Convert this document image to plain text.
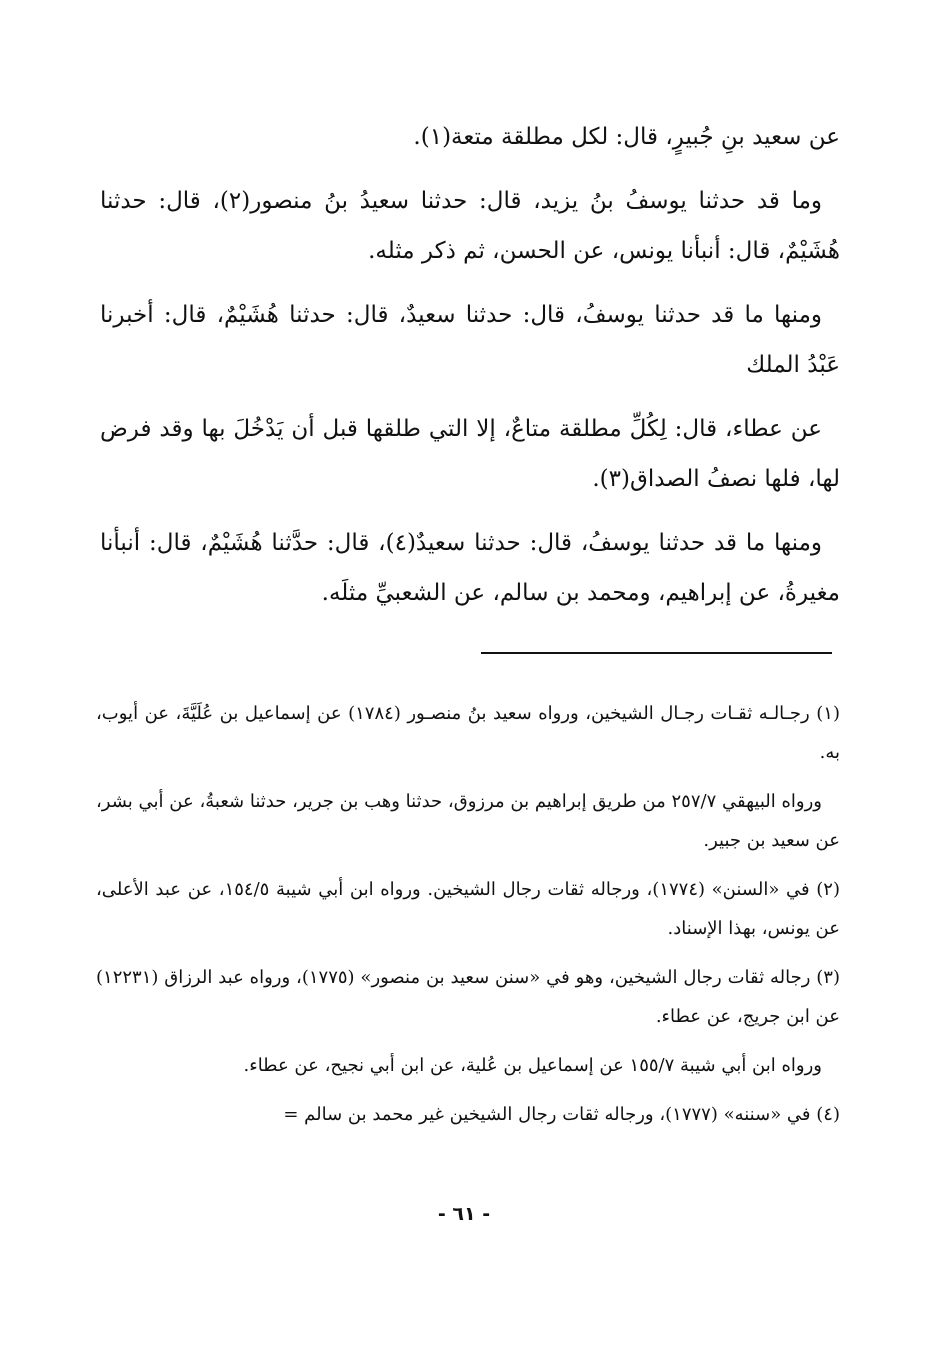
عن سعيد بنِ جُبيرٍ، قال: لكل مطلقة متعة(١).

وما قد حدثنا يوسفُ بنُ يزيد، قال: حدثنا سعيدُ بنُ منصور(٢)، قال: حدثنا هُشَيْمٌ، قال: أنبأنا يونس، عن الحسن، ثم ذكر مثله.

ومنها ما قد حدثنا يوسفُ، قال: حدثنا سعيدٌ، قال: حدثنا هُشَيْمٌ، قال: أخبرنا عَبْدُ الملك

عن عطاء، قال: لِكُلِّ مطلقة متاعٌ، إلا التي طلقها قبل أن يَدْخُلَ بها وقد فرض لها، فلها نصفُ الصداق(٣).

ومنها ما قد حدثنا يوسفُ، قال: حدثنا سعيدٌ(٤)، قال: حدَّثنا هُشَيْمٌ، قال: أنبأنا مغيرةُ، عن إبراهيم، ومحمد بن سالم، عن الشعبيِّ مثلَه.

(١) رجـالـه ثقـات رجـال الشيخين، ورواه سعيد بنُ منصـور (١٧٨٤) عن إسماعيل بن عُلَيَّةَ، عن أيوب، به.

ورواه البيهقي ٢٥٧/٧ من طريق إبراهيم بن مرزوق، حدثنا وهب بن جرير، حدثنا شعبةُ، عن أبي بشر، عن سعيد بن جبير.

(٢) في «السنن» (١٧٧٤)، ورجاله ثقات رجال الشيخين. ورواه ابن أبي شيبة ١٥٤/٥، عن عبد الأعلى، عن يونس، بهذا الإسناد.

(٣) رجاله ثقات رجال الشيخين، وهو في «سنن سعيد بن منصور» (١٧٧٥)، ورواه عبد الرزاق (١٢٢٣١) عن ابن جريج، عن عطاء.

ورواه ابن أبي شيبة ١٥٥/٧ عن إسماعيل بن عُلية، عن ابن أبي نجيح، عن عطاء.

(٤) في «سننه» (١٧٧٧)، ورجاله ثقات رجال الشيخين غير محمد بن سالم =

- ٦١ -
